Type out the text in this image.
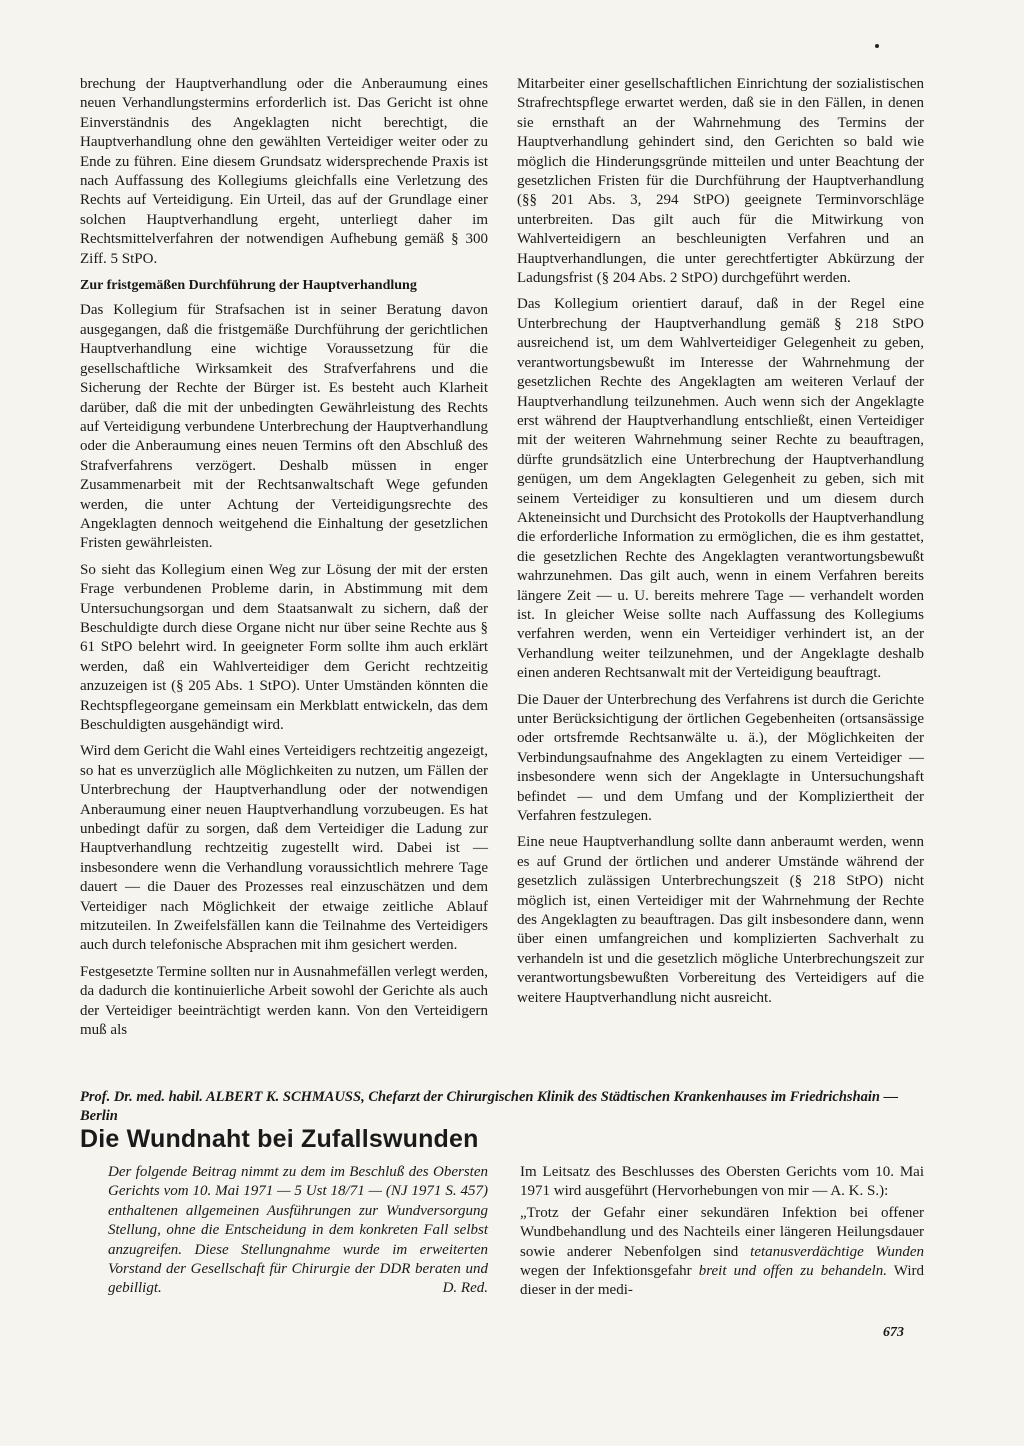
brechung der Hauptverhandlung oder die Anberaumung eines neuen Verhandlungstermins erforderlich ist. Das Gericht ist ohne Einverständnis des Angeklagten nicht berechtigt, die Hauptverhandlung ohne den gewählten Verteidiger weiter oder zu Ende zu führen. Eine diesem Grundsatz widersprechende Praxis ist nach Auffassung des Kollegiums gleichfalls eine Verletzung des Rechts auf Verteidigung. Ein Urteil, das auf der Grundlage einer solchen Hauptverhandlung ergeht, unterliegt daher im Rechtsmittelverfahren der notwendigen Aufhebung gemäß § 300 Ziff. 5 StPO.

Zur fristgemäßen Durchführung der Hauptverhandlung

Das Kollegium für Strafsachen ist in seiner Beratung davon ausgegangen, daß die fristgemäße Durchführung der gerichtlichen Hauptverhandlung eine wichtige Voraussetzung für die gesellschaftliche Wirksamkeit des Strafverfahrens und die Sicherung der Rechte der Bürger ist. Es besteht auch Klarheit darüber, daß die mit der unbedingten Gewährleistung des Rechts auf Verteidigung verbundene Unterbrechung der Hauptverhandlung oder die Anberaumung eines neuen Termins oft den Abschluß des Strafverfahrens verzögert. Deshalb müssen in enger Zusammenarbeit mit der Rechtsanwaltschaft Wege gefunden werden, die unter Achtung der Verteidigungsrechte des Angeklagten dennoch weitgehend die Einhaltung der gesetzlichen Fristen gewährleisten.

So sieht das Kollegium einen Weg zur Lösung der mit der ersten Frage verbundenen Probleme darin, in Abstimmung mit dem Untersuchungsorgan und dem Staatsanwalt zu sichern, daß der Beschuldigte durch diese Organe nicht nur über seine Rechte aus § 61 StPO belehrt wird. In geeigneter Form sollte ihm auch erklärt werden, daß ein Wahlverteidiger dem Gericht rechtzeitig anzuzeigen ist (§ 205 Abs. 1 StPO). Unter Umständen könnten die Rechtspflegeorgane gemeinsam ein Merkblatt entwickeln, das dem Beschuldigten ausgehändigt wird.

Wird dem Gericht die Wahl eines Verteidigers rechtzeitig angezeigt, so hat es unverzüglich alle Möglichkeiten zu nutzen, um Fällen der Unterbrechung der Hauptverhandlung oder der notwendigen Anberaumung einer neuen Hauptverhandlung vorzubeugen. Es hat unbedingt dafür zu sorgen, daß dem Verteidiger die Ladung zur Hauptverhandlung rechtzeitig zugestellt wird. Dabei ist — insbesondere wenn die Verhandlung voraussichtlich mehrere Tage dauert — die Dauer des Prozesses real einzuschätzen und dem Verteidiger nach Möglichkeit der etwaige zeitliche Ablauf mitzuteilen. In Zweifelsfällen kann die Teilnahme des Verteidigers auch durch telefonische Absprachen mit ihm gesichert werden.

Festgesetzte Termine sollten nur in Ausnahmefällen verlegt werden, da dadurch die kontinuierliche Arbeit sowohl der Gerichte als auch der Verteidiger beeinträchtigt werden kann. Von den Verteidigern muß als

Mitarbeiter einer gesellschaftlichen Einrichtung der sozialistischen Strafrechtspflege erwartet werden, daß sie in den Fällen, in denen sie ernsthaft an der Wahrnehmung des Termins der Hauptverhandlung gehindert sind, den Gerichten so bald wie möglich die Hinderungsgründe mitteilen und unter Beachtung der gesetzlichen Fristen für die Durchführung der Hauptverhandlung (§§ 201 Abs. 3, 294 StPO) geeignete Terminvorschläge unterbreiten. Das gilt auch für die Mitwirkung von Wahlverteidigern an beschleunigten Verfahren und an Hauptverhandlungen, die unter gerechtfertigter Abkürzung der Ladungsfrist (§ 204 Abs. 2 StPO) durchgeführt werden.

Das Kollegium orientiert darauf, daß in der Regel eine Unterbrechung der Hauptverhandlung gemäß § 218 StPO ausreichend ist, um dem Wahlverteidiger Gelegenheit zu geben, verantwortungsbewußt im Interesse der Wahrnehmung der gesetzlichen Rechte des Angeklagten am weiteren Verlauf der Hauptverhandlung teilzunehmen. Auch wenn sich der Angeklagte erst während der Hauptverhandlung entschließt, einen Verteidiger mit der weiteren Wahrnehmung seiner Rechte zu beauftragen, dürfte grundsätzlich eine Unterbrechung der Hauptverhandlung genügen, um dem Angeklagten Gelegenheit zu geben, sich mit seinem Verteidiger zu konsultieren und um diesem durch Akteneinsicht und Durchsicht des Protokolls der Hauptverhandlung die erforderliche Information zu ermöglichen, die es ihm gestattet, die gesetzlichen Rechte des Angeklagten verantwortungsbewußt wahrzunehmen. Das gilt auch, wenn in einem Verfahren bereits längere Zeit — u. U. bereits mehrere Tage — verhandelt worden ist. In gleicher Weise sollte nach Auffassung des Kollegiums verfahren werden, wenn ein Verteidiger verhindert ist, an der Verhandlung weiter teilzunehmen, und der Angeklagte deshalb einen anderen Rechtsanwalt mit der Verteidigung beauftragt.

Die Dauer der Unterbrechung des Verfahrens ist durch die Gerichte unter Berücksichtigung der örtlichen Gegebenheiten (ortsansässige oder ortsfremde Rechtsanwälte u. ä.), der Möglichkeiten der Verbindungsaufnahme des Angeklagten zu einem Verteidiger — insbesondere wenn sich der Angeklagte in Untersuchungshaft befindet — und dem Umfang und der Kompliziertheit der Verfahren festzulegen.

Eine neue Hauptverhandlung sollte dann anberaumt werden, wenn es auf Grund der örtlichen und anderer Umstände während der gesetzlich zulässigen Unterbrechungszeit (§ 218 StPO) nicht möglich ist, einen Verteidiger mit der Wahrnehmung der Rechte des Angeklagten zu beauftragen. Das gilt insbesondere dann, wenn über einen umfangreichen und komplizierten Sachverhalt zu verhandeln ist und die gesetzlich mögliche Unterbrechungszeit zur verantwortungsbewußten Vorbereitung des Verteidigers auf die weitere Hauptverhandlung nicht ausreicht.

Prof. Dr. med. habil. ALBERT K. SCHMAUSS, Chefarzt der Chirurgischen Klinik des Städtischen Krankenhauses im Friedrichshain — Berlin
Die Wundnaht bei Zufallswunden
Der folgende Beitrag nimmt zu dem im Beschluß des Obersten Gerichts vom 10. Mai 1971 — 5 Ust 18/71 — (NJ 1971 S. 457) enthaltenen allgemeinen Ausführungen zur Wundversorgung Stellung, ohne die Entscheidung in dem konkreten Fall selbst anzugreifen. Diese Stellungnahme wurde im erweiterten Vorstand der Gesellschaft für Chirurgie der DDR beraten und gebilligt.	D. Red.

Im Leitsatz des Beschlusses des Obersten Gerichts vom 10. Mai 1971 wird ausgeführt (Hervorhebungen von mir — A. K. S.):

„Trotz der Gefahr einer sekundären Infektion bei offener Wundbehandlung und des Nachteils einer längeren Heilungsdauer sowie anderer Nebenfolgen sind tetanusverdächtige Wunden wegen der Infektionsgefahr breit und offen zu behandeln. Wird dieser in der medi-

673
